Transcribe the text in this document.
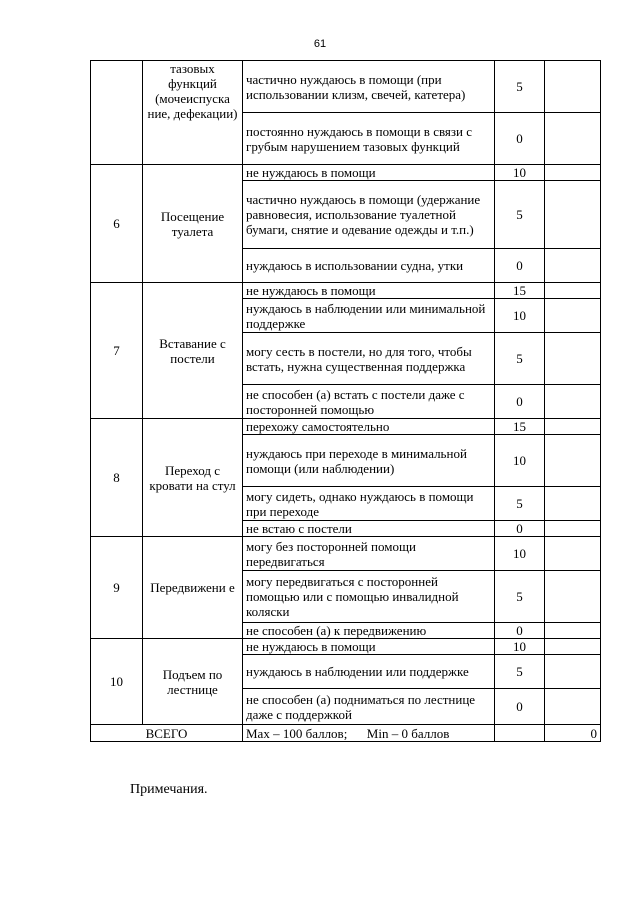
61
	тазовых функций (мочеиспуска ние, дефекации)	частично нуждаюсь в помощи (при использовании клизм, свечей, катетера)	5	
		постоянно нуждаюсь в помощи в связи с грубым нарушением тазовых функций	0	
6	Посещение туалета	не нуждаюсь в помощи	10	
		частично нуждаюсь в помощи (удержание равновесия, использование туалетной бумаги, снятие и одевание одежды и т.п.)	5	
		нуждаюсь в использовании судна, утки	0	
7	Вставание с постели	не нуждаюсь в помощи	15	
		нуждаюсь в наблюдении или минимальной поддержке	10	
		могу сесть в постели, но для того, чтобы встать, нужна существенная поддержка	5	
		не способен (а) встать с постели даже с посторонней помощью	0	
8	Переход с кровати на стул	перехожу самостоятельно	15	
		нуждаюсь при переходе в минимальной помощи (или наблюдении)	10	
		могу сидеть, однако нуждаюсь в помощи при переходе	5	
		не встаю с постели	0	
9	Передвижени е	могу без посторонней помощи передвигаться	10	
		могу передвигаться с посторонней помощью или с помощью инвалидной коляски	5	
		не способен (а) к передвижению	0	
10	Подъем по лестнице	не нуждаюсь в помощи	10	
		нуждаюсь в наблюдении или поддержке	5	
		не способен (а) подниматься по лестнице даже с поддержкой	0	
ВСЕГО		Max – 100 баллов;      Min – 0 баллов		0
Примечания.
